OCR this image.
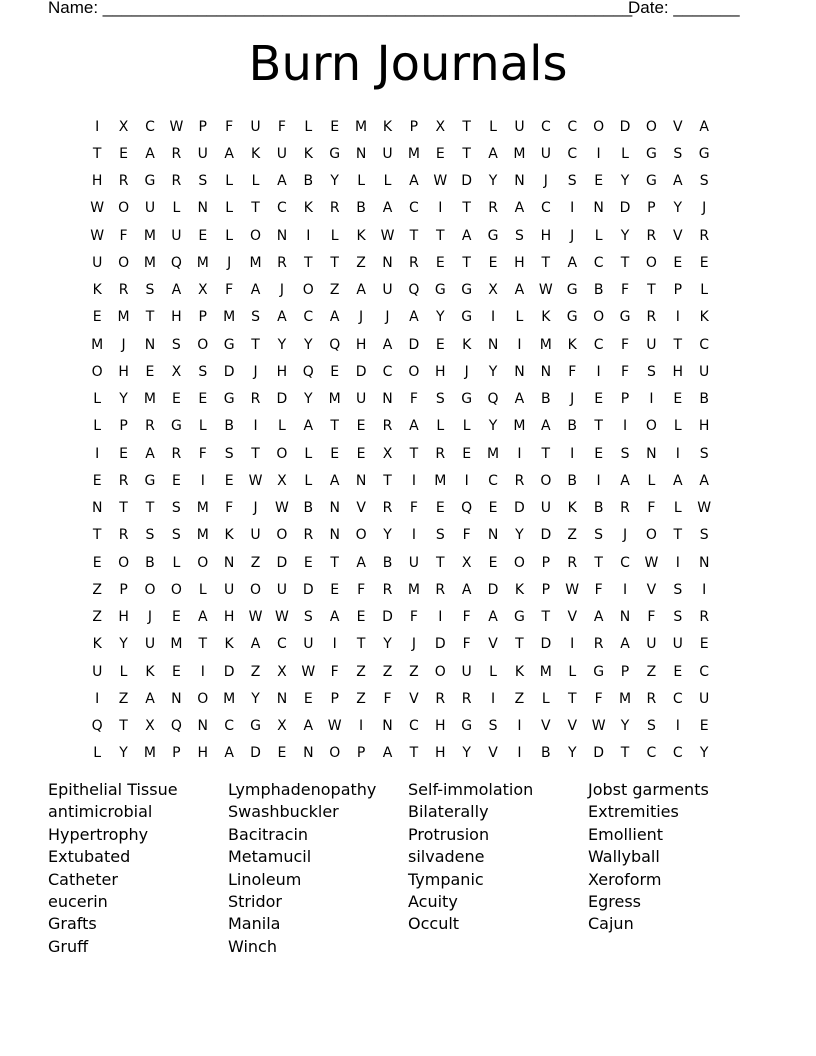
Name: ________________________________________________________
Date: _______
Burn Journals
I	X	C	W	P	F	U	F	L	E	M	K	P	X	T	L	U	C	C	O	D	O	V	A
T	E	A	R	U	A	K	U	K	G	N	U	M	E	T	A	M	U	C	I	L	G	S	G
H	R	G	R	S	L	L	A	B	Y	L	L	A	W	D	Y	N	J	S	E	Y	G	A	S
W O	U	L	N	L	T	C	K	R	B	A	C	I	T	R	A	C	I	N	D	P	Y	J
W	F	M	U	E	L	O	N	I	L	K	W	T	T	A	G	S	H	J	L	Y	R	V	R
U	O	M	Q	M	J	M	R	T	T	Z	N	R	E	T	E	H	T	A	C	T	O	E	E
K	R	S	A	X	F	A	J	O	Z	A	U	Q	G	G	X	A	W	G	B	F	T	P	L
E	M	T	H	P	M	S	A	C	A	J	J	A	Y	G	I	L	K	G	O	G	R	I	K
M	J	N	S	O	G	T	Y	Y	Q	H	A	D	E	K	N	I	M	K	C	F	U	T	C
O	H	E	X	S	D	J	H	Q	E	D	C	O	H	J	Y	N	N	F	I	F	S	H	U
L	Y	M	E	E	G	R	D	Y	M	U	N	F	S	G	Q	A	B	J	E	P	I	E	B
L	P	R	G	L	B	I	L	A	T	E	R	A	L	L	Y	M	A	B	T	I	O	L	H
I	E	A	R	F	S	T	O	L	E	E	X	T	R	E	M	I	T	I	E	S	N	I	S
E	R	G	E	I	E	W	X	L	A	N	T	I	M	I	C	R	O	B	I	A	L	A	A
N	T	T	S	M	F	J	W	B	N	V	R	F	E	Q	E	D	U	K	B	R	F	L	W
T	R	S	S	M	K	U	O	R	N	O	Y	I	S	F	N	Y	D	Z	S	J	O	T	S
E	O	B	L	O	N	Z	D	E	T	A	B	U	T	X	E	O	P	R	T	C	W	I	N
Z	P	O	O	L	U	O	U	D	E	F	R	M	R	A	D	K	P	W	F	I	V	S	I
Z	H	J	E	A	H	W W	S	A	E	D	F	I	F	A	G	T	V	A	N	F	S	R
K	Y	U	M	T	K	A	C	U	I	T	Y	J	D	F	V	T	D	I	R	A	U	U	E
U	L	K	E	I	D	Z	X	W	F	Z	Z	Z	O	U	L	K	M	L	G	P	Z	E	C
I	Z	A	N	O	M	Y	N	E	P	Z	F	V	R	R	I	Z	L	T	F	M	R	C	U
Q	T	X	Q	N	C	G	X	A	W	I	N	C	H	G	S	I	V	V	W	Y	S	I	E
L	Y	M	P	H	A	D	E	N	O	P	A	T	H	Y	V	I	B	Y	D	T	C	C	Y
Epithelial Tissue
antimicrobial
Hypertrophy
Extubated
Catheter
eucerin
Grafts
Gruff
Lymphadenopathy
Swashbuckler
Bacitracin
Metamucil
Linoleum
Stridor
Manila
Winch
Self-immolation
Bilaterally
Protrusion
silvadene
Tympanic
Acuity
Occult
Jobst garments
Extremities
Emollient
Wallyball
Xeroform
Egress
Cajun
